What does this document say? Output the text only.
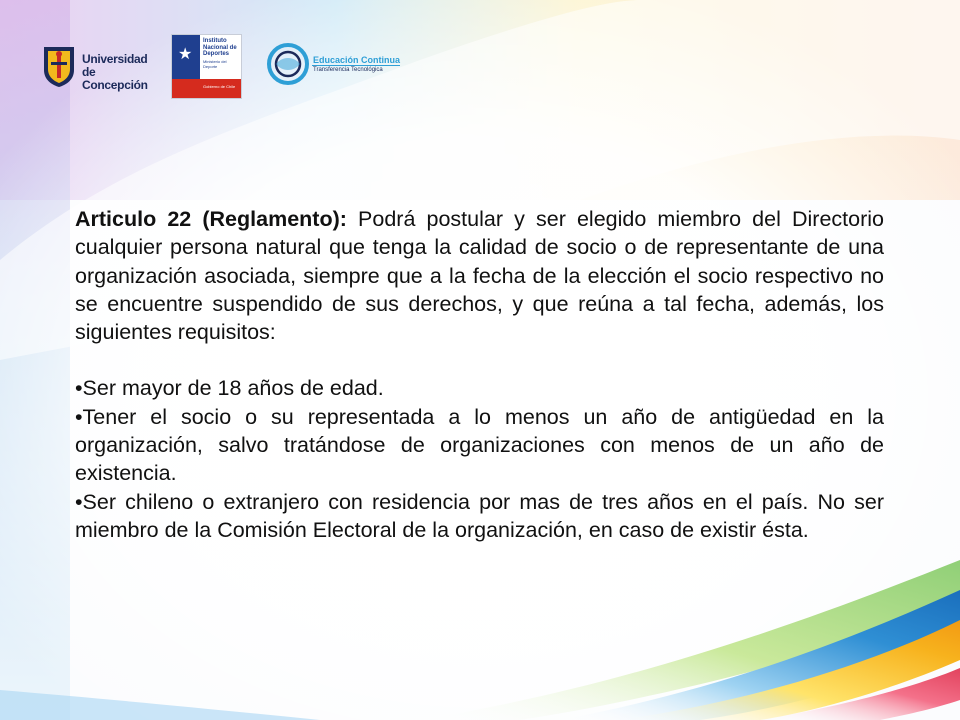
Universidad
de Concepción
★
Instituto
Nacional de
Deportes
Ministerio del Deporte
Gobierno de Chile
Educación Continua
Transferencia Tecnológica

Articulo 22 (Reglamento): Podrá postular y ser elegido miembro del Directorio cualquier persona natural que tenga la calidad de socio o de representante de una organización asociada, siempre que a la fecha de la elección el socio respectivo no se encuentre suspendido de sus derechos, y que reúna a tal fecha, además, los siguientes requisitos:

•Ser mayor de 18 años de edad.

•Tener el socio o su representada a lo menos un año de antigüedad en la organización, salvo tratándose de organizaciones con menos de un año de existencia.

•Ser chileno o extranjero con residencia por mas de tres años en el país. No ser miembro de la Comisión Electoral de la organización, en caso de existir ésta.
